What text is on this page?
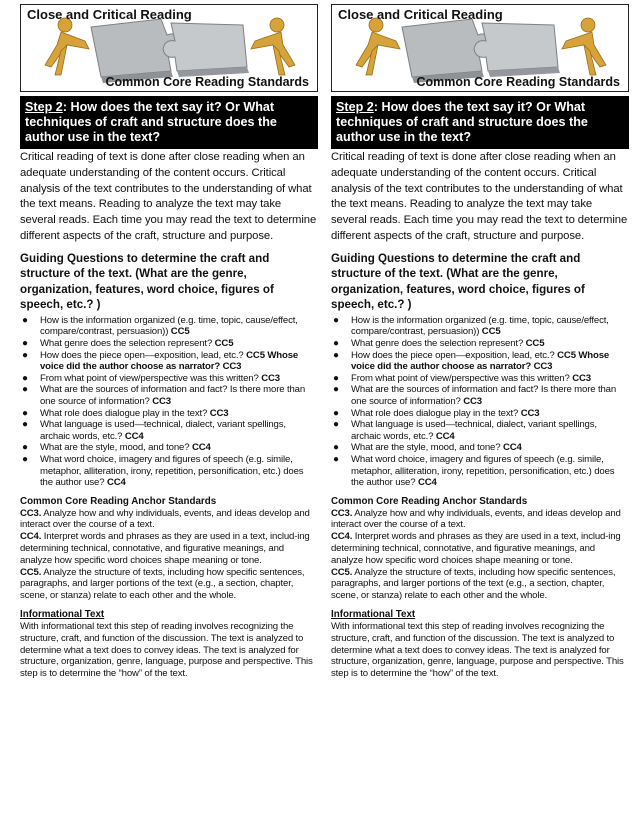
Close and Critical Reading
Common Core Reading Standards
Step 2: How does the text say it? Or What techniques of craft and structure does the author use in the text?

Critical reading of text is done after close reading when an adequate understanding of the content occurs. Critical analysis of the text contributes to the understanding of what the text means. Reading to analyze the text may take several reads. Each time you may read the text to determine different aspects of the craft, structure and purpose.

Guiding Questions to determine the craft and structure of the text. (What are the genre, organization, features, word choice, figures of speech, etc.? )
● How is the information organized (e.g. time, topic, cause/effect, compare/contrast, persuasion)) CC5
● What genre does the selection represent? CC5
● How does the piece open—exposition, lead, etc.? CC5 Whose voice did the author choose as narrator? CC3
● From what point of view/perspective was this written? CC3
● What are the sources of information and fact? Is there more than one source of information? CC3
● What role does dialogue play in the text? CC3
● What language is used—technical, dialect, variant spellings, archaic words, etc.? CC4
● What are the style, mood, and tone? CC4
● What word choice, imagery and figures of speech (e.g. simile, metaphor, alliteration, irony, repetition, personification, etc.) does the author use? CC4
Common Core Reading Anchor Standards

CC3. Analyze how and why individuals, events, and ideas develop and interact over the course of a text.

CC4. Interpret words and phrases as they are used in a text, includ-ing determining technical, connotative, and figurative meanings, and analyze how specific word choices shape meaning or tone.

CC5. Analyze the structure of texts, including how specific sentences, paragraphs, and larger portions of the text (e.g., a section, chapter, scene, or stanza) relate to each other and the whole.

Informational Text

With informational text this step of reading involves recognizing the structure, craft, and function of the discussion. The text is analyzed to determine what a text does to convey ideas. The text is analyzed for structure, organization, genre, language, purpose and perspective. This step is to determine the “how” of the text.

Close and Critical Reading
Common Core Reading Standards
Step 2: How does the text say it? Or What techniques of craft and structure does the author use in the text?

Critical reading of text is done after close reading when an adequate understanding of the content occurs. Critical analysis of the text contributes to the understanding of what the text means. Reading to analyze the text may take several reads. Each time you may read the text to determine different aspects of the craft, structure and purpose.

Guiding Questions to determine the craft and structure of the text. (What are the genre, organization, features, word choice, figures of speech, etc.? )
● How is the information organized (e.g. time, topic, cause/effect, compare/contrast, persuasion)) CC5
● What genre does the selection represent? CC5
● How does the piece open—exposition, lead, etc.? CC5 Whose voice did the author choose as narrator? CC3
● From what point of view/perspective was this written? CC3
● What are the sources of information and fact? Is there more than one source of information? CC3
● What role does dialogue play in the text? CC3
● What language is used—technical, dialect, variant spellings, archaic words, etc.? CC4
● What are the style, mood, and tone? CC4
● What word choice, imagery and figures of speech (e.g. simile, metaphor, alliteration, irony, repetition, personification, etc.) does the author use? CC4
Common Core Reading Anchor Standards

CC3. Analyze how and why individuals, events, and ideas develop and interact over the course of a text.

CC4. Interpret words and phrases as they are used in a text, includ-ing determining technical, connotative, and figurative meanings, and analyze how specific word choices shape meaning or tone.

CC5. Analyze the structure of texts, including how specific sentences, paragraphs, and larger portions of the text (e.g., a section, chapter, scene, or stanza) relate to each other and the whole.

Informational Text

With informational text this step of reading involves recognizing the structure, craft, and function of the discussion. The text is analyzed to determine what a text does to convey ideas. The text is analyzed for structure, organization, genre, language, purpose and perspective. This step is to determine the “how” of the text.
